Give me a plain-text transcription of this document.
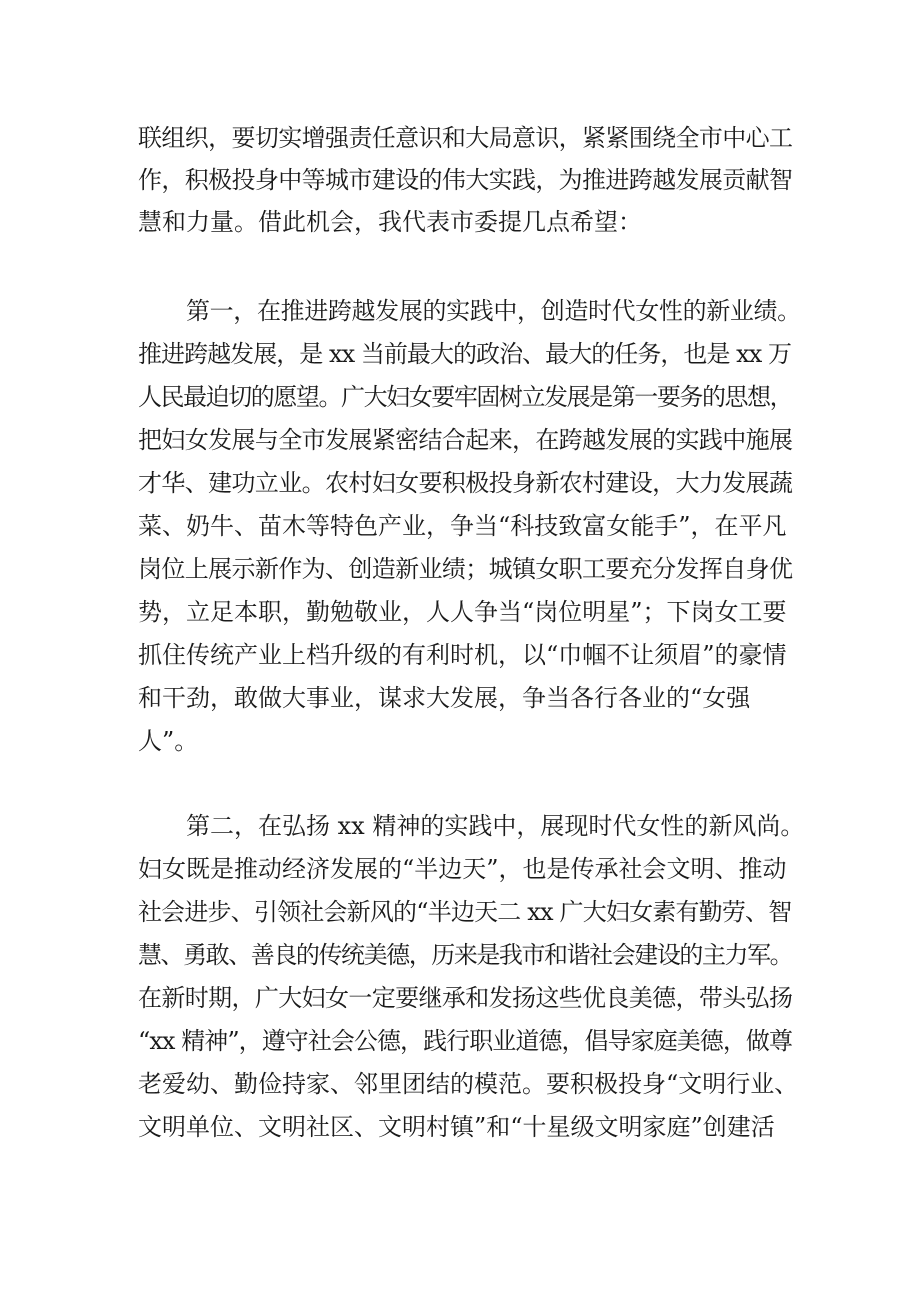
联组织，要切实增强责任意识和大局意识，紧紧围绕全市中心工
作，积极投身中等城市建设的伟大实践，为推进跨越发展贡献智
慧和力量。借此机会，我代表市委提几点希望：
第一，在推进跨越发展的实践中，创造时代女性的新业绩。
推进跨越发展，是 xx 当前最大的政治、最大的任务，也是 xx 万
人民最迫切的愿望。广大妇女要牢固树立发展是第一要务的思想，
把妇女发展与全市发展紧密结合起来，在跨越发展的实践中施展
才华、建功立业。农村妇女要积极投身新农村建设，大力发展蔬
菜、奶牛、苗木等特色产业，争当“科技致富女能手”，在平凡
岗位上展示新作为、创造新业绩；城镇女职工要充分发挥自身优
势，立足本职，勤勉敬业，人人争当“岗位明星”；下岗女工要
抓住传统产业上档升级的有利时机，以“巾帼不让须眉”的豪情
和干劲，敢做大事业，谋求大发展，争当各行各业的“女强
人”。
第二，在弘扬 xx 精神的实践中，展现时代女性的新风尚。
妇女既是推动经济发展的“半边天”，也是传承社会文明、推动
社会进步、引领社会新风的“半边天二 xx 广大妇女素有勤劳、智
慧、勇敢、善良的传统美德，历来是我市和谐社会建设的主力军。
在新时期，广大妇女一定要继承和发扬这些优良美德，带头弘扬
“xx 精神”，遵守社会公德，践行职业道德，倡导家庭美德，做尊
老爱幼、勤俭持家、邻里团结的模范。要积极投身“文明行业、
文明单位、文明社区、文明村镇”和“十星级文明家庭”创建活
